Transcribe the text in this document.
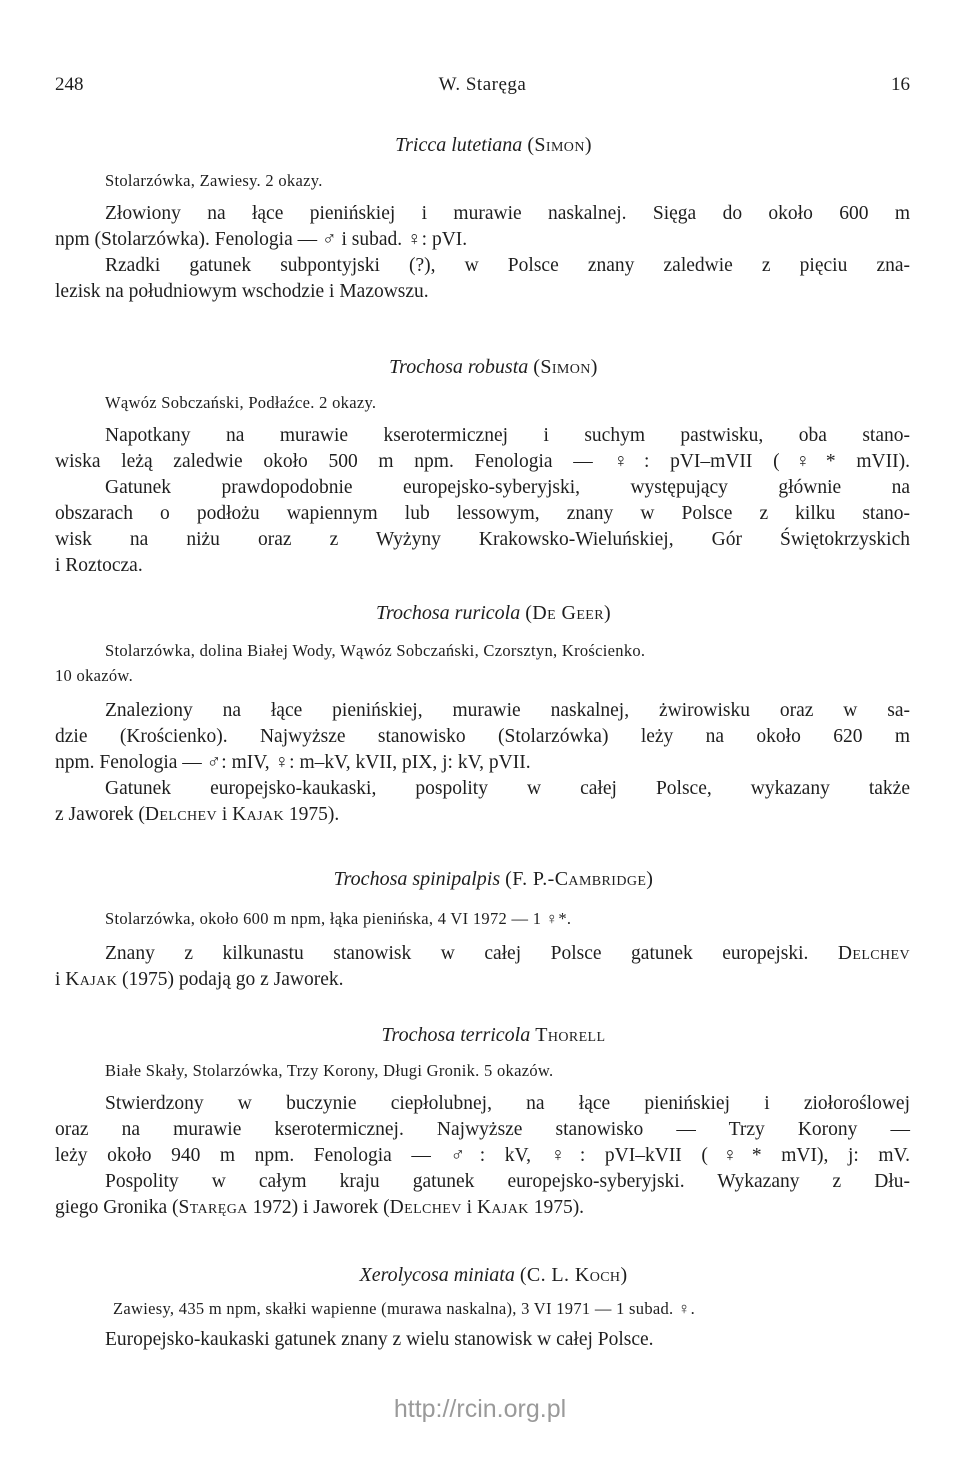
248	W. Staręga	16
Tricca lutetiana (Simon)
Stolarzówka, Zawiesy. 2 okazy.
Złowiony na łące pienińskiej i murawie naskalnej. Sięga do około 600 m
npm (Stolarzówka). Fenologia — ♂ i subad. ♀: pVI.
Rzadki gatunek subpontyjski (?), w Polsce znany zaledwie z pięciu zna-
lezisk na południowym wschodzie i Mazowszu.
Trochosa robusta (Simon)
Wąwóz Sobczański, Podłaźce. 2 okazy.
Napotkany na murawie kserotermicznej i suchym pastwisku, oba stano-
wiska leżą zaledwie około 500 m npm. Fenologia — ♀: pVI–mVII (♀* mVII).
Gatunek prawdopodobnie europejsko-syberyjski, występujący głównie na
obszarach o podłożu wapiennym lub lessowym, znany w Polsce z kilku stano-
wisk na niżu oraz z Wyżyny Krakowsko-Wieluńskiej, Gór Świętokrzyskich
i Roztocza.
Trochosa ruricola (De Geer)
Stolarzówka, dolina Białej Wody, Wąwóz Sobczański, Czorsztyn, Krościenko.
10 okazów.
Znaleziony na łące pienińskiej, murawie naskalnej, żwirowisku oraz w sa-
dzie (Krościenko). Najwyższe stanowisko (Stolarzówka) leży na około 620 m
npm. Fenologia — ♂: mIV, ♀: m–kV, kVII, pIX, j: kV, pVII.
Gatunek europejsko-kaukaski, pospolity w całej Polsce, wykazany także
z Jaworek (Delchev i Kajak 1975).
Trochosa spinipalpis (F. P.-Cambridge)
Stolarzówka, około 600 m npm, łąka pienińska, 4 VI 1972 — 1 ♀*.
Znany z kilkunastu stanowisk w całej Polsce gatunek europejski. Delchev
i Kajak (1975) podają go z Jaworek.
Trochosa terricola Thorell
Białe Skały, Stolarzówka, Trzy Korony, Długi Gronik. 5 okazów.
Stwierdzony w buczynie ciepłolubnej, na łące pienińskiej i ziołoroślowej
oraz na murawie kserotermicznej. Najwyższe stanowisko — Trzy Korony —
leży około 940 m npm. Fenologia — ♂: kV, ♀: pVI–kVII (♀* mVI), j: mV.
Pospolity w całym kraju gatunek europejsko-syberyjski. Wykazany z Dłu-
giego Gronika (Staręga 1972) i Jaworek (Delchev i Kajak 1975).
Xerolycosa miniata (C. L. Koch)
Zawiesy, 435 m npm, skałki wapienne (murawa naskalna), 3 VI 1971 — 1 subad. ♀.
Europejsko-kaukaski gatunek znany z wielu stanowisk w całej Polsce.
http://rcin.org.pl
